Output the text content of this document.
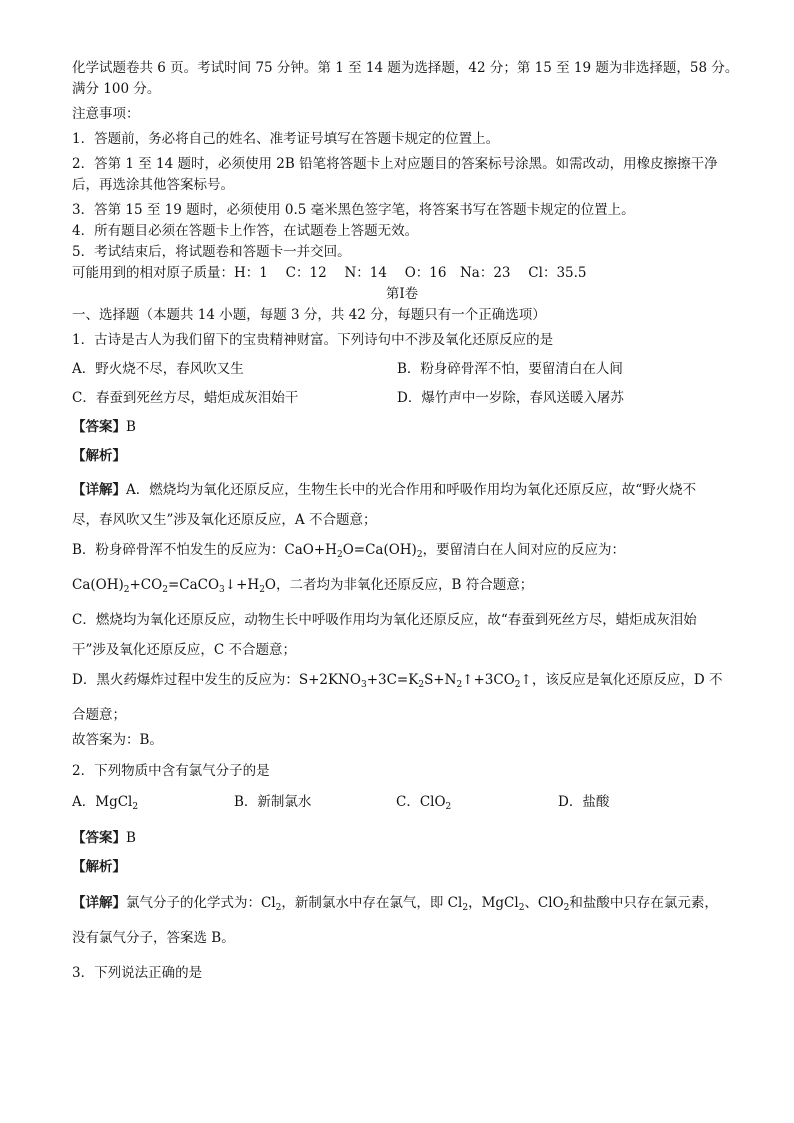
化学试题卷共 6 页。考试时间 75 分钟。第 1 至 14 题为选择题，42 分；第 15 至 19 题为非选择题，58 分。
满分 100 分。
注意事项：
1．答题前，务必将自己的姓名、准考证号填写在答题卡规定的位置上。
2．答第 1 至 14 题时，必须使用 2B 铅笔将答题卡上对应题目的答案标号涂黑。如需改动，用橡皮擦擦干净
后，再选涂其他答案标号。
3．答第 15 至 19 题时，必须使用 0.5 毫米黑色签字笔，将答案书写在答题卡规定的位置上。
4．所有题目必须在答题卡上作答，在试题卷上答题无效。
5．考试结束后，将试题卷和答题卡一并交回。
可能用到的相对原子质量：H：1　 C：12　 N：14　 O：16　Na：23　 Cl：35.5
第Ⅰ卷
一、选择题（本题共 14 小题，每题 3 分，共 42 分，每题只有一个正确选项）
1．古诗是古人为我们留下的宝贵精神财富。下列诗句中不涉及氧化还原反应的是
A．野火烧不尽，春风吹又生	B．粉身碎骨浑不怕，要留清白在人间
C．春蚕到死丝方尽，蜡炬成灰泪始干	D．爆竹声中一岁除，春风送暖入屠苏
【答案】B
【解析】
【详解】A．燃烧均为氧化还原反应，生物生长中的光合作用和呼吸作用均为氧化还原反应，故“野火烧不
尽，春风吹又生”涉及氧化还原反应，A 不合题意；
B．粉身碎骨浑不怕发生的反应为：$CaO+H_2O=Ca(OH)_2$，要留清白在人间对应的反应为：
$Ca(OH)_2+CO_2=CaCO_3↓+H_2O$，二者均为非氧化还原反应，B 符合题意；
C．燃烧均为氧化还原反应，动物生长中呼吸作用均为氧化还原反应，故“春蚕到死丝方尽，蜡炬成灰泪始
干”涉及氧化还原反应，C 不合题意；
D．黑火药爆炸过程中发生的反应为：$S+2KNO_3+3C=K_2S+N_2↑+3CO_2↑$，该反应是氧化还原反应，D 不合题意；
故答案为：B。
2．下列物质中含有氯气分子的是
A．MgCl$_2$	B．新制氯水	C．ClO$_2$	D．盐酸
【答案】B
【解析】
【详解】氯气分子的化学式为：$Cl_2$，新制氯水中存在氯气，即 $Cl_2$，MgCl$_2$、ClO$_2$和盐酸中只存在氯元素，
没有氯气分子，答案选 B。
3．下列说法正确的是
